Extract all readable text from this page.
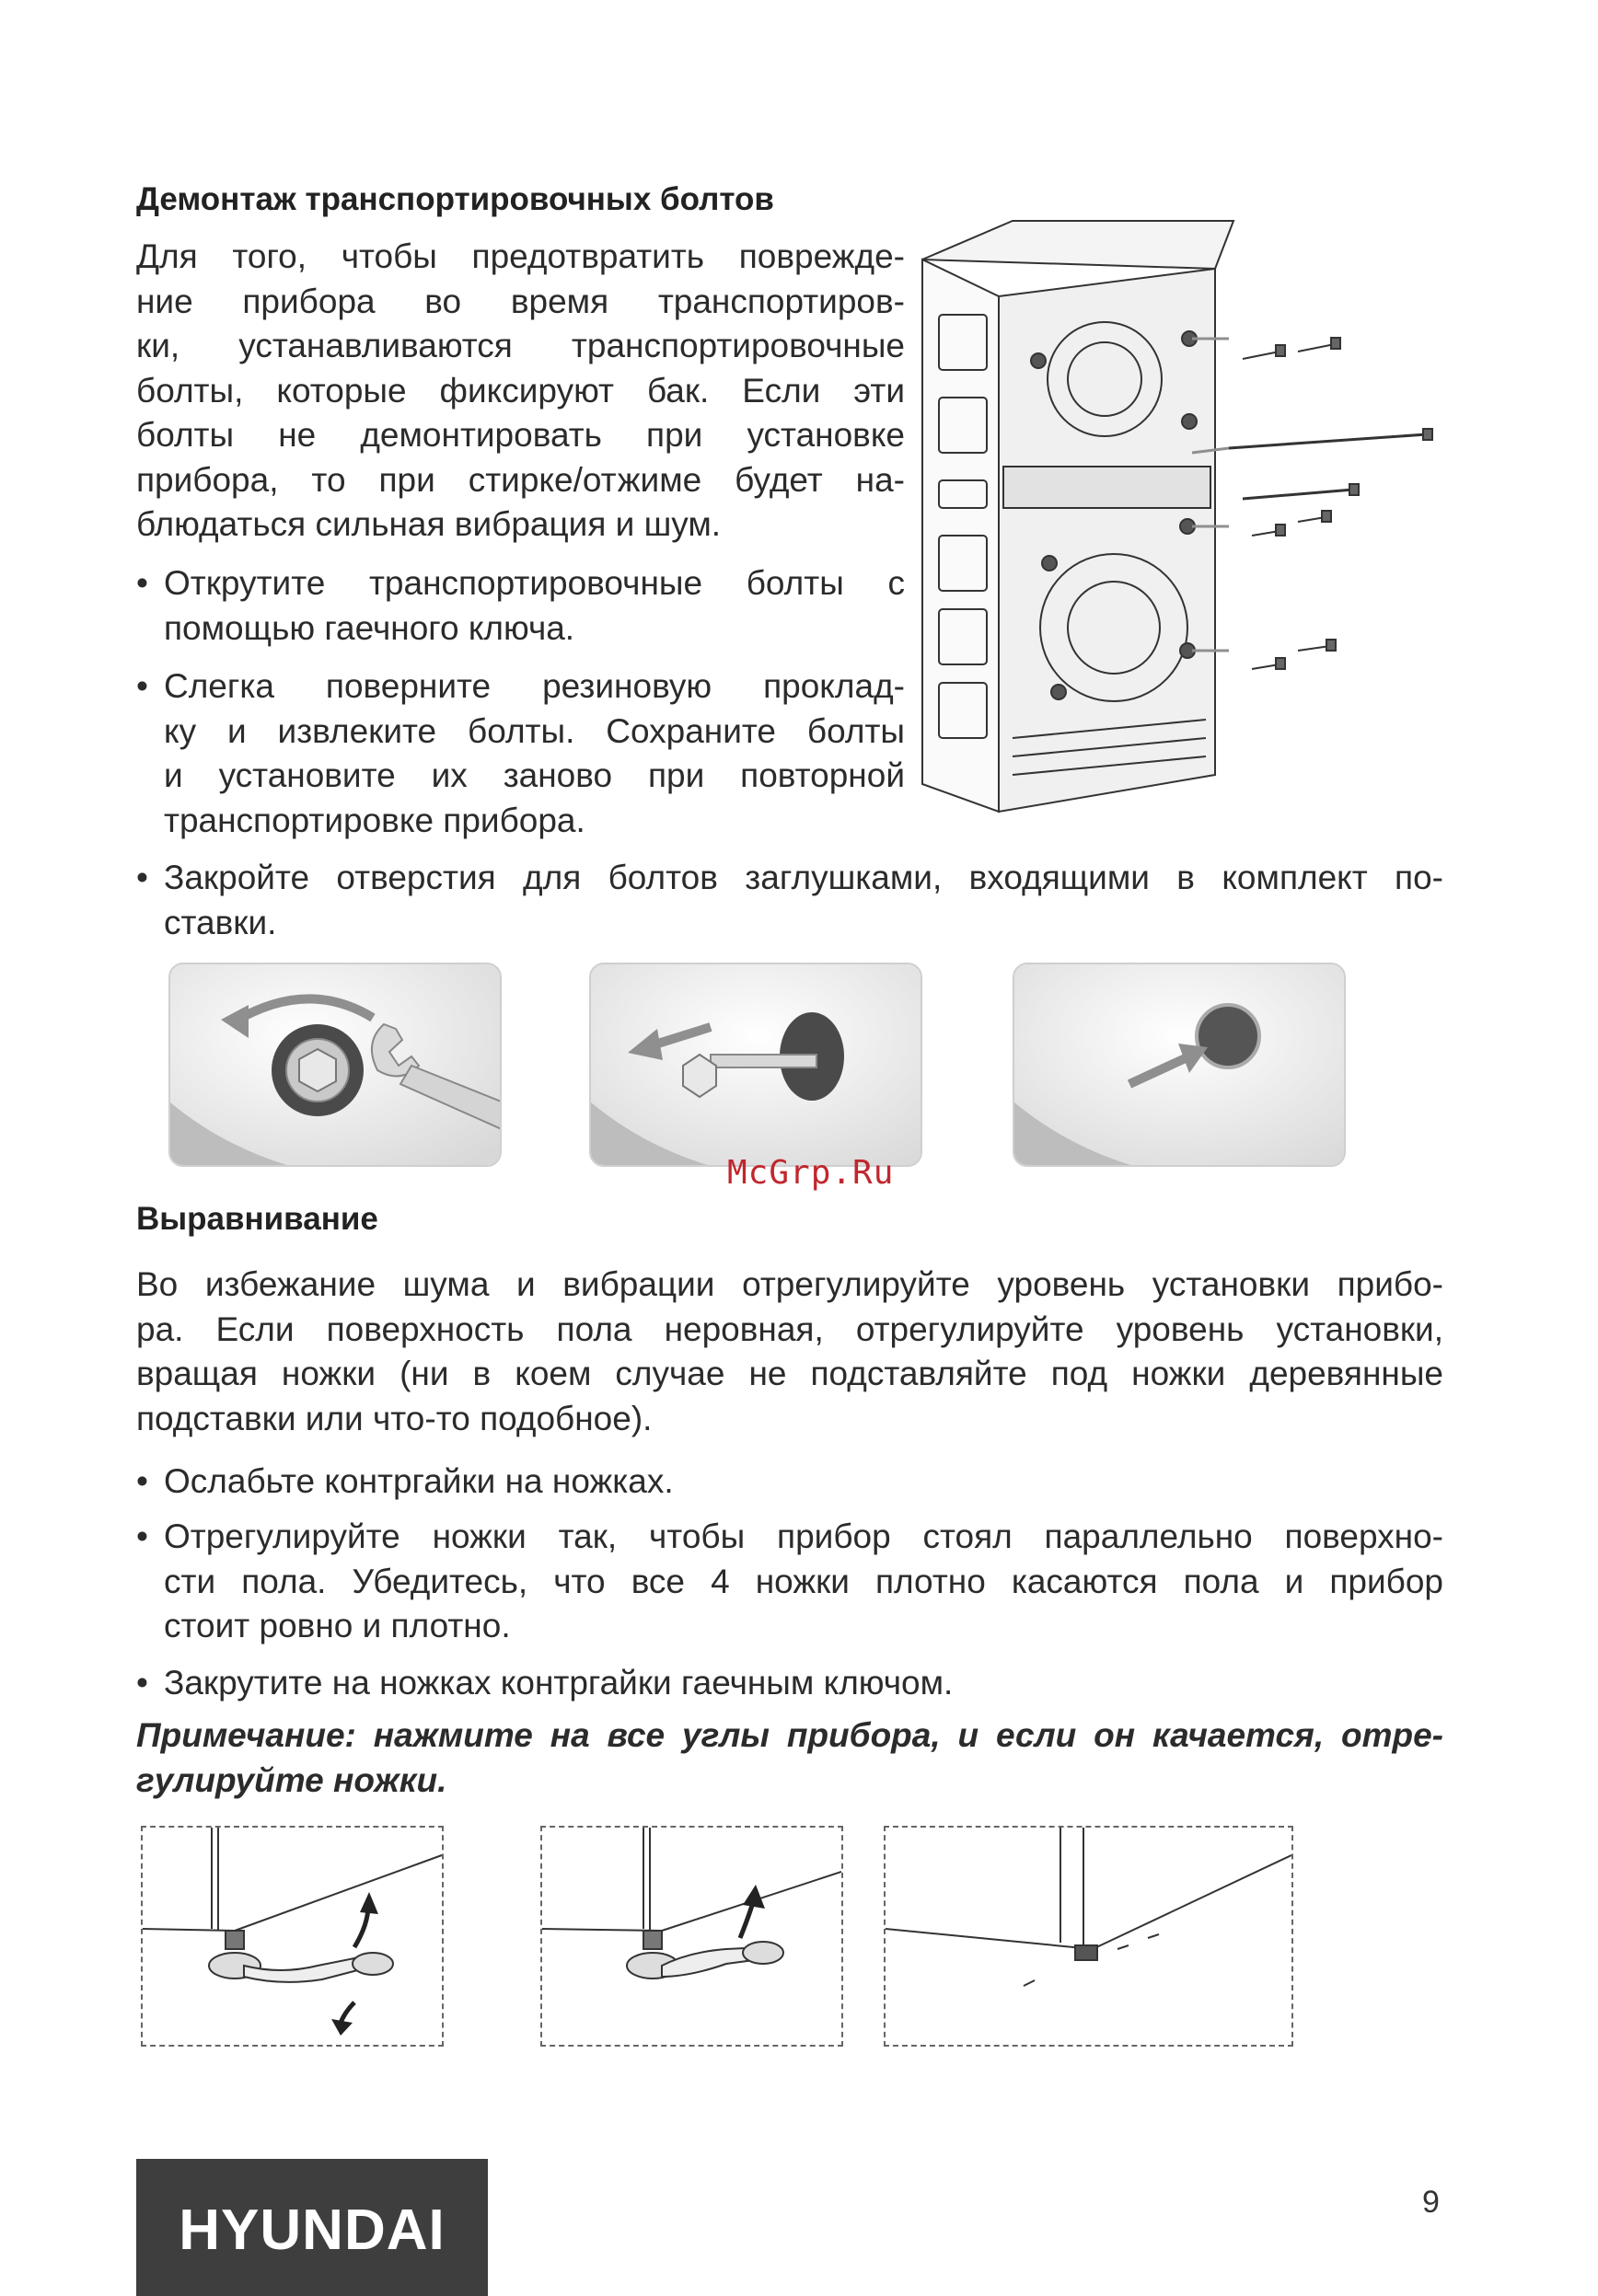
Демонтаж транспортировочных болтов
Для того, чтобы предотвратить поврежде-
ние прибора во время транспортиров-
ки, устанавливаются транспортировочные
болты, которые фиксируют бак. Если эти
болты не демонтировать при установке
прибора, то при стирке/отжиме будет на-
блюдаться сильная вибрация и шум.
• Открутите транспортировочные болты с
помощью гаечного ключа.
• Слегка поверните резиновую проклад-
ку и извлеките болты. Сохраните болты
и установите их заново при повторной
транспортировке прибора.
• Закройте отверстия для болтов заглушками, входящими в комплект по-
ставки.
McGrp.Ru
Выравнивание
Во избежание шума и вибрации отрегулируйте уровень установки прибо-
ра. Если поверхность пола неровная, отрегулируйте уровень установки,
вращая ножки (ни в коем случае не подставляйте под ножки деревянные
подставки или что-то подобное).
• Ослабьте контргайки на ножках.
• Отрегулируйте ножки так, чтобы прибор стоял параллельно поверхно-
сти пола. Убедитесь, что все 4 ножки плотно касаются пола и прибор
стоит ровно и плотно.
• Закрутите на ножках контргайки гаечным ключом.
Примечание: нажмите на все углы прибора, и если он качается, отре-
гулируйте ножки.
HYUNDAI	9
